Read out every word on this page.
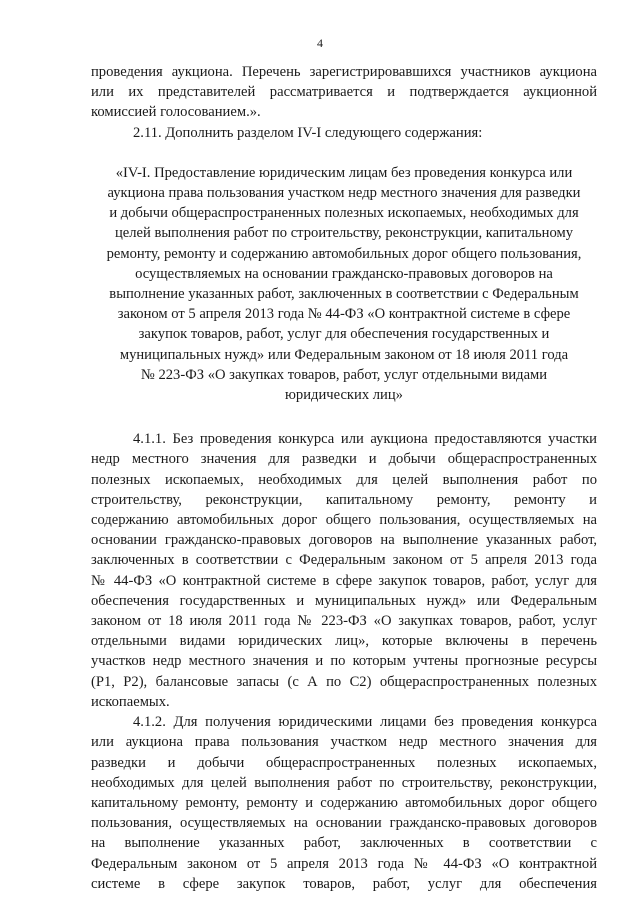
4
проведения аукциона. Перечень зарегистрировавшихся участников аукциона
или их представителей рассматривается и подтверждается аукционной
комиссией голосованием.».
2.11. Дополнить разделом IV-I следующего содержания:
«IV-I. Предоставление юридическим лицам без проведения конкурса или
аукциона права пользования участком недр местного значения для разведки
и добычи общераспространенных полезных ископаемых, необходимых для
целей выполнения работ по строительству, реконструкции, капитальному
ремонту, ремонту и содержанию автомобильных дорог общего пользования,
осуществляемых на основании гражданско-правовых договоров на
выполнение указанных работ, заключенных в соответствии с Федеральным
законом от 5 апреля 2013 года № 44-ФЗ «О контрактной системе в сфере
закупок товаров, работ, услуг для обеспечения государственных и
муниципальных нужд» или Федеральным законом от 18 июля 2011 года
№ 223-ФЗ «О закупках товаров, работ, услуг отдельными видами
юридических лиц»
4.1.1. Без проведения конкурса или аукциона предоставляются участки
недр местного значения для разведки и добычи общераспространенных
полезных ископаемых, необходимых для целей выполнения работ по
строительству, реконструкции, капитальному ремонту, ремонту и
содержанию автомобильных дорог общего пользования, осуществляемых на
основании гражданско-правовых договоров на выполнение указанных работ,
заключенных в соответствии с Федеральным законом от 5 апреля 2013 года
№ 44-ФЗ «О контрактной системе в сфере закупок товаров, работ, услуг для
обеспечения государственных и муниципальных нужд» или Федеральным
законом от 18 июля 2011 года № 223-ФЗ «О закупках товаров, работ, услуг
отдельными видами юридических лиц», которые включены в перечень
участков недр местного значения и по которым учтены прогнозные ресурсы
(Р1, Р2), балансовые запасы (с А по С2) общераспространенных полезных
ископаемых.
4.1.2. Для получения юридическими лицами без проведения конкурса
или аукциона права пользования участком недр местного значения для
разведки и добычи общераспространенных полезных ископаемых,
необходимых для целей выполнения работ по строительству, реконструкции,
капитальному ремонту, ремонту и содержанию автомобильных дорог общего
пользования, осуществляемых на основании гражданско-правовых договоров
на выполнение указанных работ, заключенных в соответствии с
Федеральным законом от 5 апреля 2013 года № 44-ФЗ «О контрактной
системе в сфере закупок товаров, работ, услуг для обеспечения
